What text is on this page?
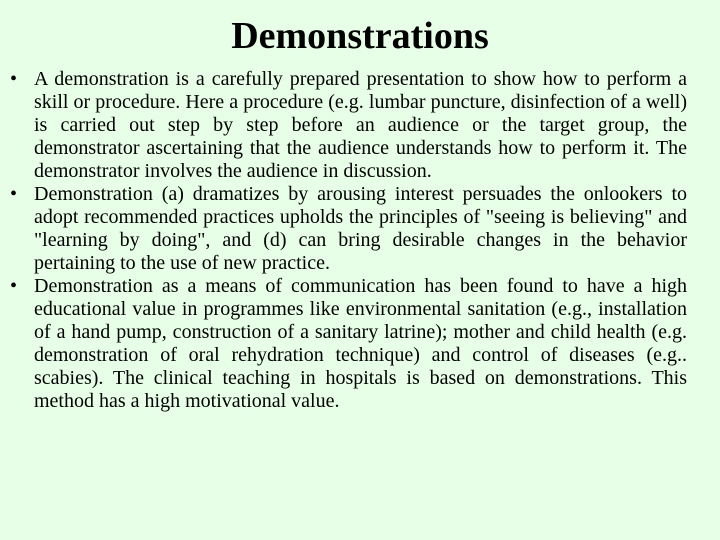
Demonstrations
• A demonstration is a carefully prepared presentation to show how to perform a skill or procedure. Here a procedure (e.g. lumbar puncture, disinfection of a well) is carried out step by step before an audience or the target group, the demonstrator ascertaining that the audience understands how to perform it. The demonstrator involves the audience in discussion.
• Demonstration (a) dramatizes by arousing interest persuades the onlookers to adopt recommended practices upholds the principles of "seeing is believing" and "learning by doing", and (d) can bring desirable changes in the behavior pertaining to the use of new practice.
• Demonstration as a means of communication has been found to have a high educational value in programmes like environmental sanitation (e.g., installation of a hand pump, construction of a sanitary latrine); mother and child health (e.g. demonstration of oral rehydration technique) and control of diseases (e.g.. scabies). The clinical teaching in hospitals is based on demonstrations. This method has a high motivational value.
